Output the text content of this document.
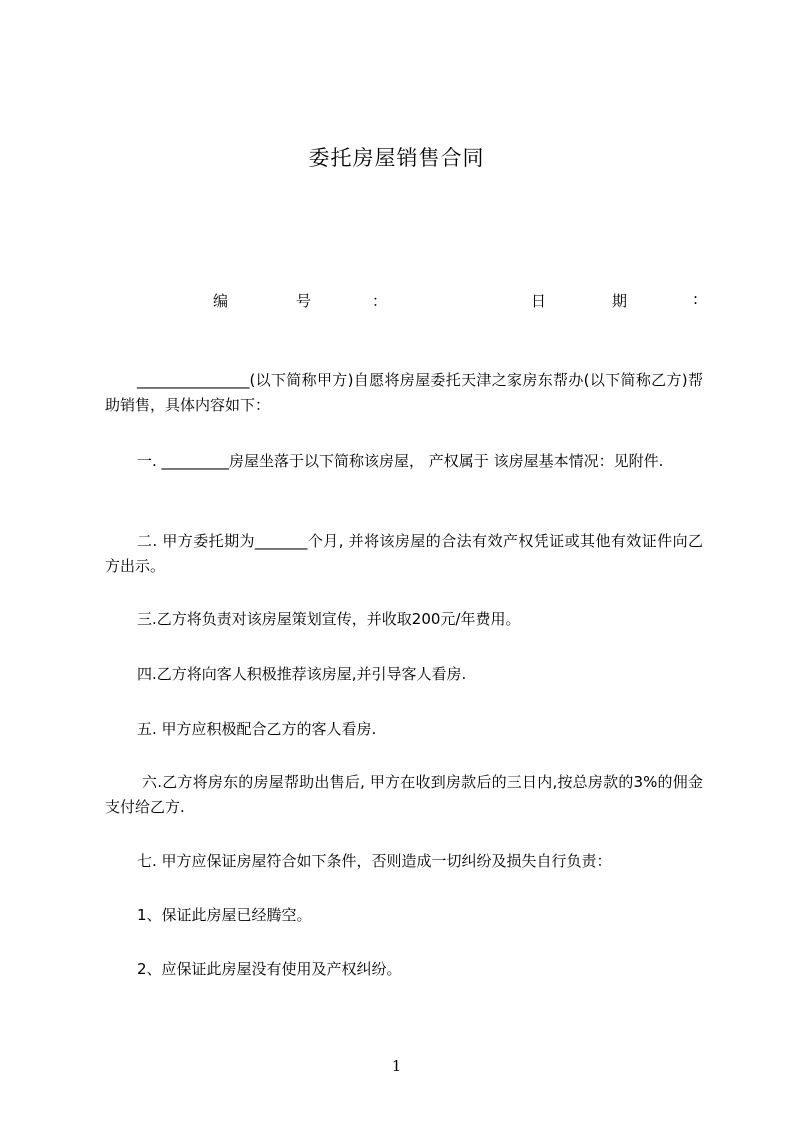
委托房屋销售合同
编	号	：	日	期	:
_______________(以下简称甲方)自愿将房屋委托天津之家房东帮办(以下简称乙方)帮助销售，具体内容如下：
一. _________房屋坐落于以下简称该房屋， 产权属于 该房屋基本情况：见附件.
二. 甲方委托期为_______个月, 并将该房屋的合法有效产权凭证或其他有效证件向乙方出示。
三.乙方将负责对该房屋策划宣传，并收取200元/年费用。
四.乙方将向客人积极推荐该房屋,并引导客人看房.
五. 甲方应积极配合乙方的客人看房.
六.乙方将房东的房屋帮助出售后, 甲方在收到房款后的三日内,按总房款的3%的佣金支付给乙方.
七. 甲方应保证房屋符合如下条件，否则造成一切纠纷及损失自行负责：
1、保证此房屋已经腾空。
2、应保证此房屋没有使用及产权纠纷。
1
